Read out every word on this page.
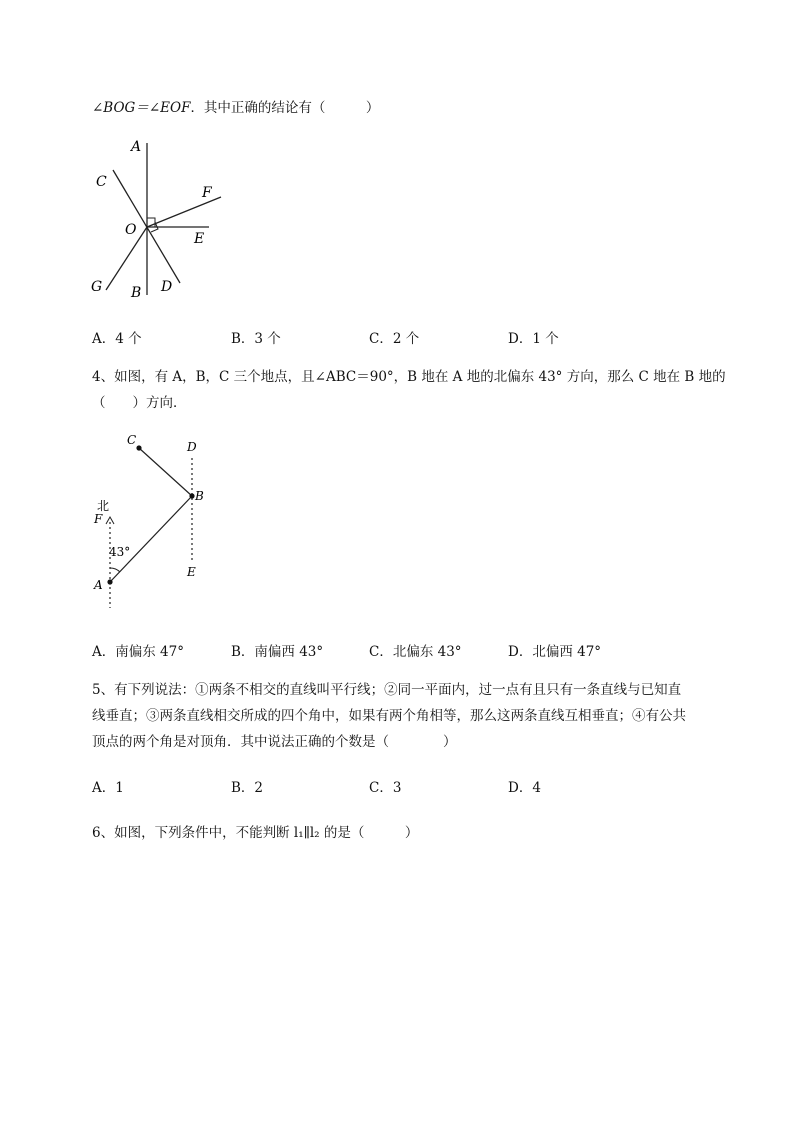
∠BOG＝∠EOF．其中正确的结论有（　　　）
A
C
F
O
E
G B D
A．4 个	B．3 个	C．2 个	D．1 个
4、如图，有 A，B，C 三个地点，且∠ABC＝90°，B 地在 A 地的北偏东 43° 方向，那么 C 地在 B 地的
（　　）方向．
C	D
B
北
F
43°
E
A
A．南偏东 47°	B．南偏西 43°	C．北偏东 43°	D．北偏西 47°
5、有下列说法：①两条不相交的直线叫平行线；②同一平面内，过一点有且只有一条直线与已知直
线垂直；③两条直线相交所成的四个角中，如果有两个角相等，那么这两条直线互相垂直；④有公共
顶点的两个角是对顶角．其中说法正确的个数是（　　　　）
A．1	B．2	C．3	D．4
6、如图，下列条件中，不能判断 l₁∥l₂ 的是（　　　）
